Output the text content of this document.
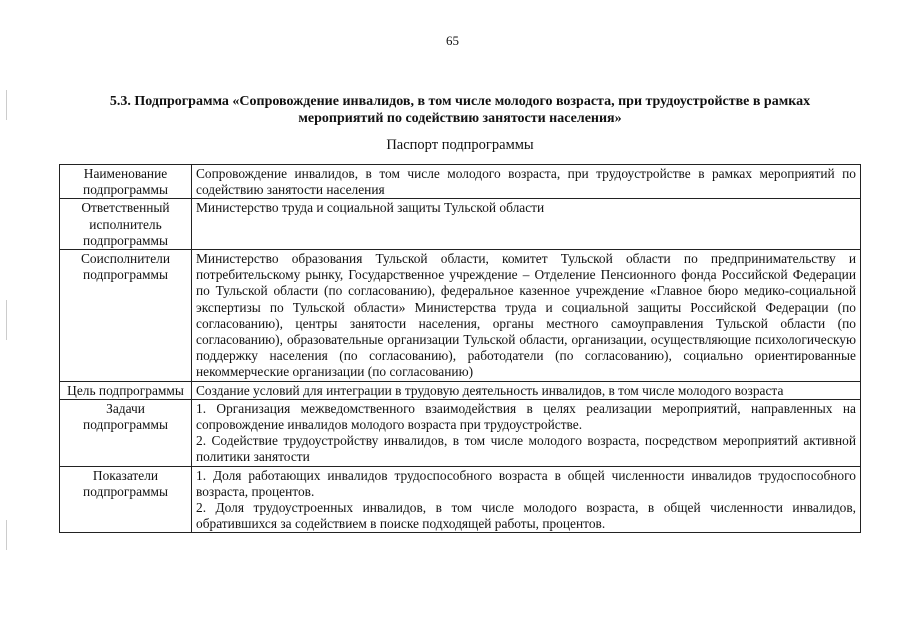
65
5.3. Подпрограмма «Сопровождение инвалидов, в том числе молодого возраста, при трудоустройстве в рамках
мероприятий по содействию занятости населения»
Паспорт подпрограммы
Наименование подпрограммы	Сопровождение инвалидов, в том числе молодого возраста, при трудоустройстве в рамках мероприятий по содействию занятости населения

Ответственный исполнитель подпрограммы	Министерство труда и социальной защиты Тульской области

Соисполнители подпрограммы	Министерство образования Тульской области, комитет Тульской области по предпринимательству и потребительскому рынку, Государственное учреждение – Отделение Пенсионного фонда Российской Федерации по Тульской области (по согласованию), федеральное казенное учреждение «Главное бюро медико-социальной экспертизы по Тульской области» Министерства труда и социальной защиты Российской Федерации (по согласованию), центры занятости населения, органы местного самоуправления Тульской области (по согласованию), образовательные организации Тульской области, организации, осуществляющие психологическую поддержку населения (по согласованию), работодатели (по согласованию), социально ориентированные некоммерческие организации (по согласованию)

Цель подпрограммы	Создание условий для интеграции в трудовую деятельность инвалидов, в том числе молодого возраста

Задачи подпрограммы	1. Организация межведомственного взаимодействия в целях реализации мероприятий, направленных на сопровождение инвалидов молодого возраста при трудоустройстве.

2. Содействие трудоустройству инвалидов, в том числе молодого возраста, посредством мероприятий активной политики занятости

Показатели подпрограммы	1. Доля работающих инвалидов трудоспособного возраста в общей численности инвалидов трудоспособного возраста, процентов.

2. Доля трудоустроенных инвалидов, в том числе молодого возраста, в общей численности инвалидов, обратившихся за содействием в поиске подходящей работы, процентов.
